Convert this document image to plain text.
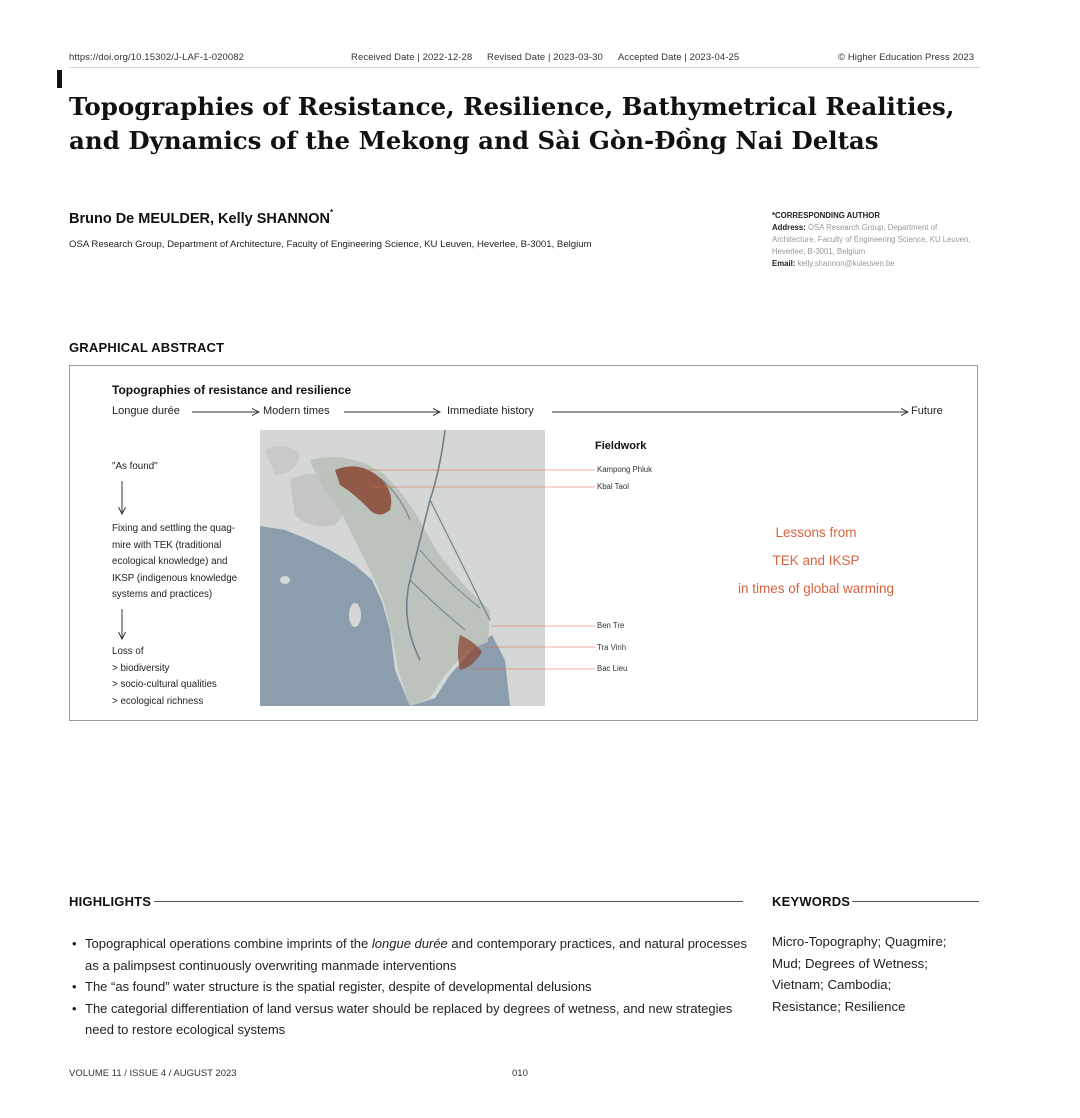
https://doi.org/10.15302/J-LAF-1-020082	Received Date | 2022-12-28 Revised Date | 2023-03-30 Accepted Date | 2023-04-25	© Higher Education Press 2023
Topographies of Resistance, Resilience, Bathymetrical Realities,
and Dynamics of the Mekong and Sài Gòn-Đồng Nai Deltas
Bruno De MEULDER, Kelly SHANNON*
OSA Research Group, Department of Architecture, Faculty of Engineering Science, KU Leuven, Heverlee, B-3001, Belgium
*CORRESPONDING AUTHOR
Address: OSA Research Group, Department of Architecture, Faculty of Engineering Science, KU Leuven, Heverlee, B-3001, Belgium
Email: kelly.shannon@kuleuven.be
GRAPHICAL ABSTRACT
Topographies of resistance and resilience
Longue durée	Modern times	Immediate history	Future
"As found"
Fixing and settling the quag-
mire with TEK (traditional
ecological knowledge) and
IKSP (indigenous knowledge
systems and practices)
Loss of
> biodiversity
> socio-cultural qualities
> ecological richness
Fieldwork
Kampong Phluk
Kbal Taol
Ben Tre
Tra Vinh
Bac Lieu
Lessons from
TEK and IKSP
in times of global warming
HIGHLIGHTS
• Topographical operations combine imprints of the longue durée and contemporary practices, and natural processes as a palimpsest continuously overwriting manmade interventions
• The “as found” water structure is the spatial register, despite of developmental delusions
• The categorial differentiation of land versus water should be replaced by degrees of wetness, and new strategies need to restore ecological systems
KEYWORDS
Micro-Topography; Quagmire;
Mud; Degrees of Wetness;
Vietnam; Cambodia;
Resistance; Resilience
VOLUME 11 / ISSUE 4 / AUGUST 2023	010
